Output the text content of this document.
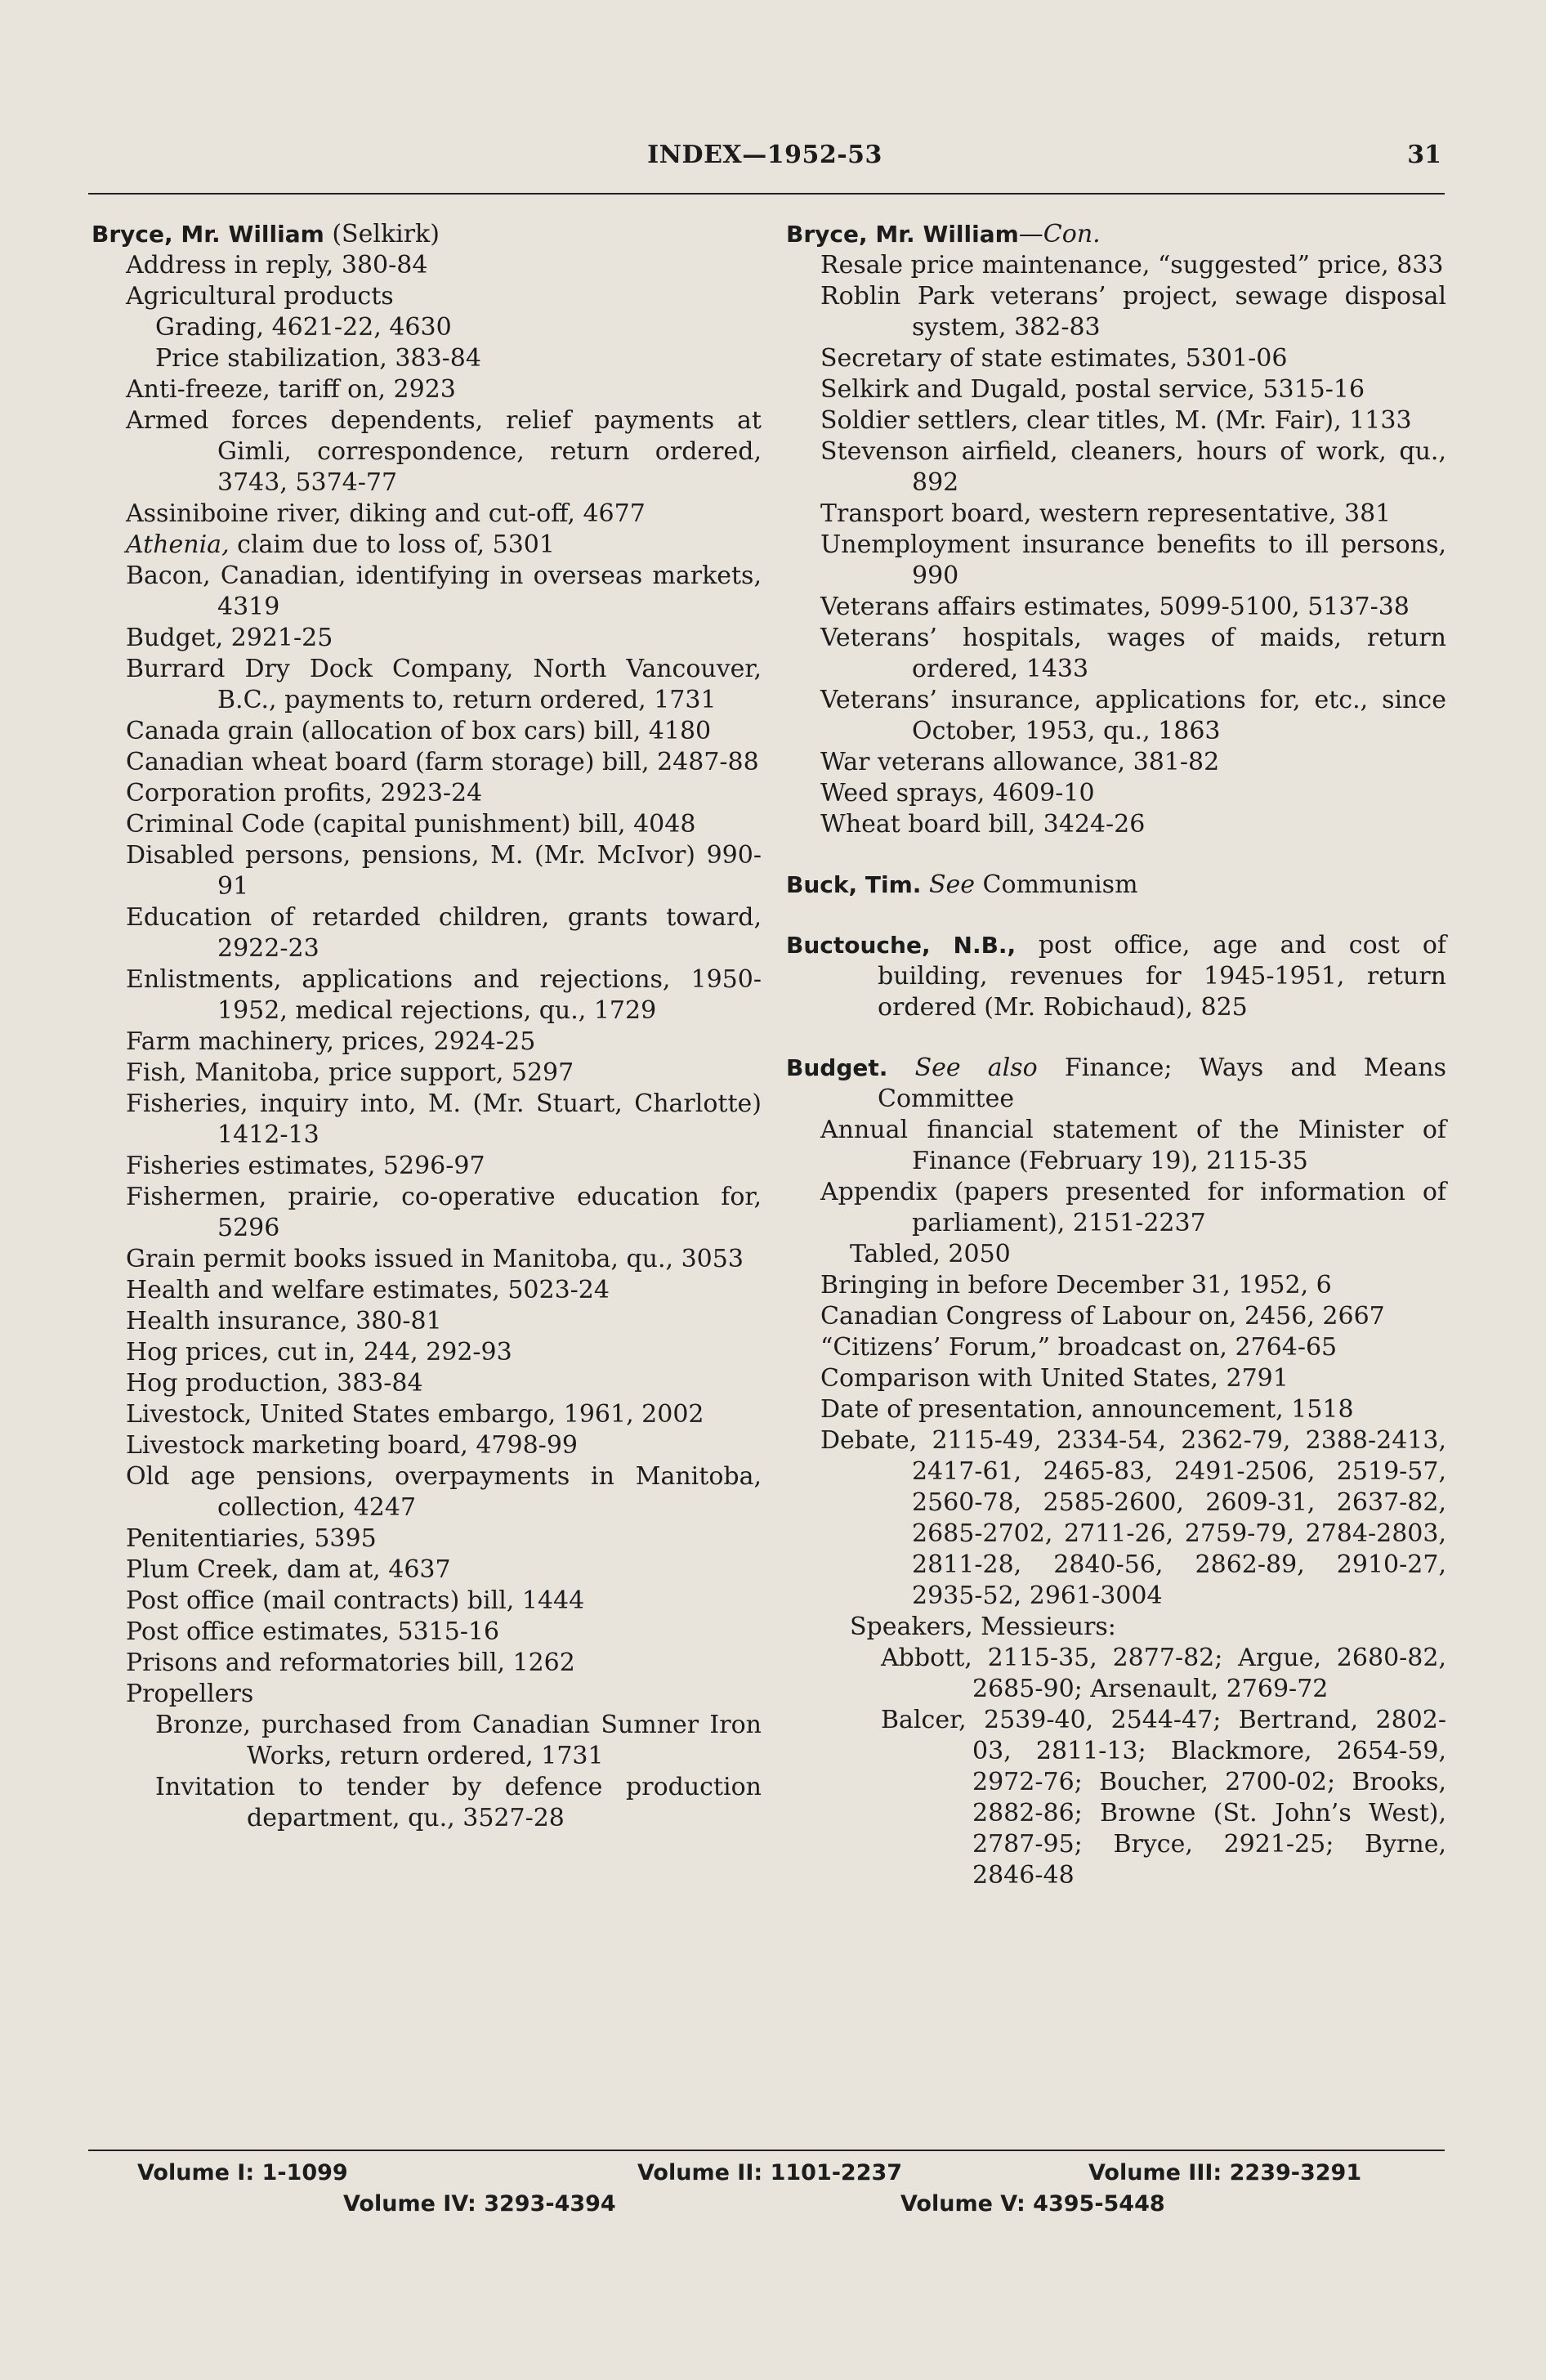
INDEX—1952-53	31

Bryce, Mr. William (Selkirk)

Address in reply, 380-84

Agricultural products

Grading, 4621-22, 4630

Price stabilization, 383-84

Anti-freeze, tariff on, 2923

Armed forces dependents, relief payments at Gimli, correspondence, return ordered, 3743, 5374-77

Assiniboine river, diking and cut-off, 4677

Athenia, claim due to loss of, 5301

Bacon, Canadian, identifying in overseas markets, 4319

Budget, 2921-25

Burrard Dry Dock Company, North Vancouver, B.C., payments to, return ordered, 1731

Canada grain (allocation of box cars) bill, 4180

Canadian wheat board (farm storage) bill, 2487-88

Corporation profits, 2923-24

Criminal Code (capital punishment) bill, 4048

Disabled persons, pensions, M. (Mr. McIvor) 990-91

Education of retarded children, grants toward, 2922-23

Enlistments, applications and rejections, 1950-1952, medical rejections, qu., 1729

Farm machinery, prices, 2924-25

Fish, Manitoba, price support, 5297

Fisheries, inquiry into, M. (Mr. Stuart, Charlotte) 1412-13

Fisheries estimates, 5296-97

Fishermen, prairie, co-operative education for, 5296

Grain permit books issued in Manitoba, qu., 3053

Health and welfare estimates, 5023-24

Health insurance, 380-81

Hog prices, cut in, 244, 292-93

Hog production, 383-84

Livestock, United States embargo, 1961, 2002

Livestock marketing board, 4798-99

Old age pensions, overpayments in Manitoba, collection, 4247

Penitentiaries, 5395

Plum Creek, dam at, 4637

Post office (mail contracts) bill, 1444

Post office estimates, 5315-16

Prisons and reformatories bill, 1262

Propellers

Bronze, purchased from Canadian Sumner Iron Works, return ordered, 1731

Invitation to tender by defence production department, qu., 3527-28

Bryce, Mr. William—Con.

Resale price maintenance, “suggested” price, 833

Roblin Park veterans’ project, sewage disposal system, 382-83

Secretary of state estimates, 5301-06

Selkirk and Dugald, postal service, 5315-16

Soldier settlers, clear titles, M. (Mr. Fair), 1133

Stevenson airfield, cleaners, hours of work, qu., 892

Transport board, western representative, 381

Unemployment insurance benefits to ill persons, 990

Veterans affairs estimates, 5099-5100, 5137-38

Veterans’ hospitals, wages of maids, return ordered, 1433

Veterans’ insurance, applications for, etc., since October, 1953, qu., 1863

War veterans allowance, 381-82

Weed sprays, 4609-10

Wheat board bill, 3424-26

Buck, Tim. See Communism

Buctouche, N.B., post office, age and cost of building, revenues for 1945-1951, return ordered (Mr. Robichaud), 825

Budget. See also Finance; Ways and Means Committee

Annual financial statement of the Minister of Finance (February 19), 2115-35

Appendix (papers presented for information of parliament), 2151-2237

Tabled, 2050

Bringing in before December 31, 1952, 6

Canadian Congress of Labour on, 2456, 2667

“Citizens’ Forum,” broadcast on, 2764-65

Comparison with United States, 2791

Date of presentation, announcement, 1518

Debate, 2115-49, 2334-54, 2362-79, 2388-2413, 2417-61, 2465-83, 2491-2506, 2519-57, 2560-78, 2585-2600, 2609-31, 2637-82, 2685-2702, 2711-26, 2759-79, 2784-2803, 2811-28, 2840-56, 2862-89, 2910-27, 2935-52, 2961-3004

Speakers, Messieurs:

Abbott, 2115-35, 2877-82; Argue, 2680-82, 2685-90; Arsenault, 2769-72

Balcer, 2539-40, 2544-47; Bertrand, 2802-03, 2811-13; Blackmore, 2654-59, 2972-76; Boucher, 2700-02; Brooks, 2882-86; Browne (St. John’s West), 2787-95; Bryce, 2921-25; Byrne, 2846-48

Volume I: 1-1099	Volume II: 1101-2237	Volume III: 2239-3291
Volume IV: 3293-4394	Volume V: 4395-5448
